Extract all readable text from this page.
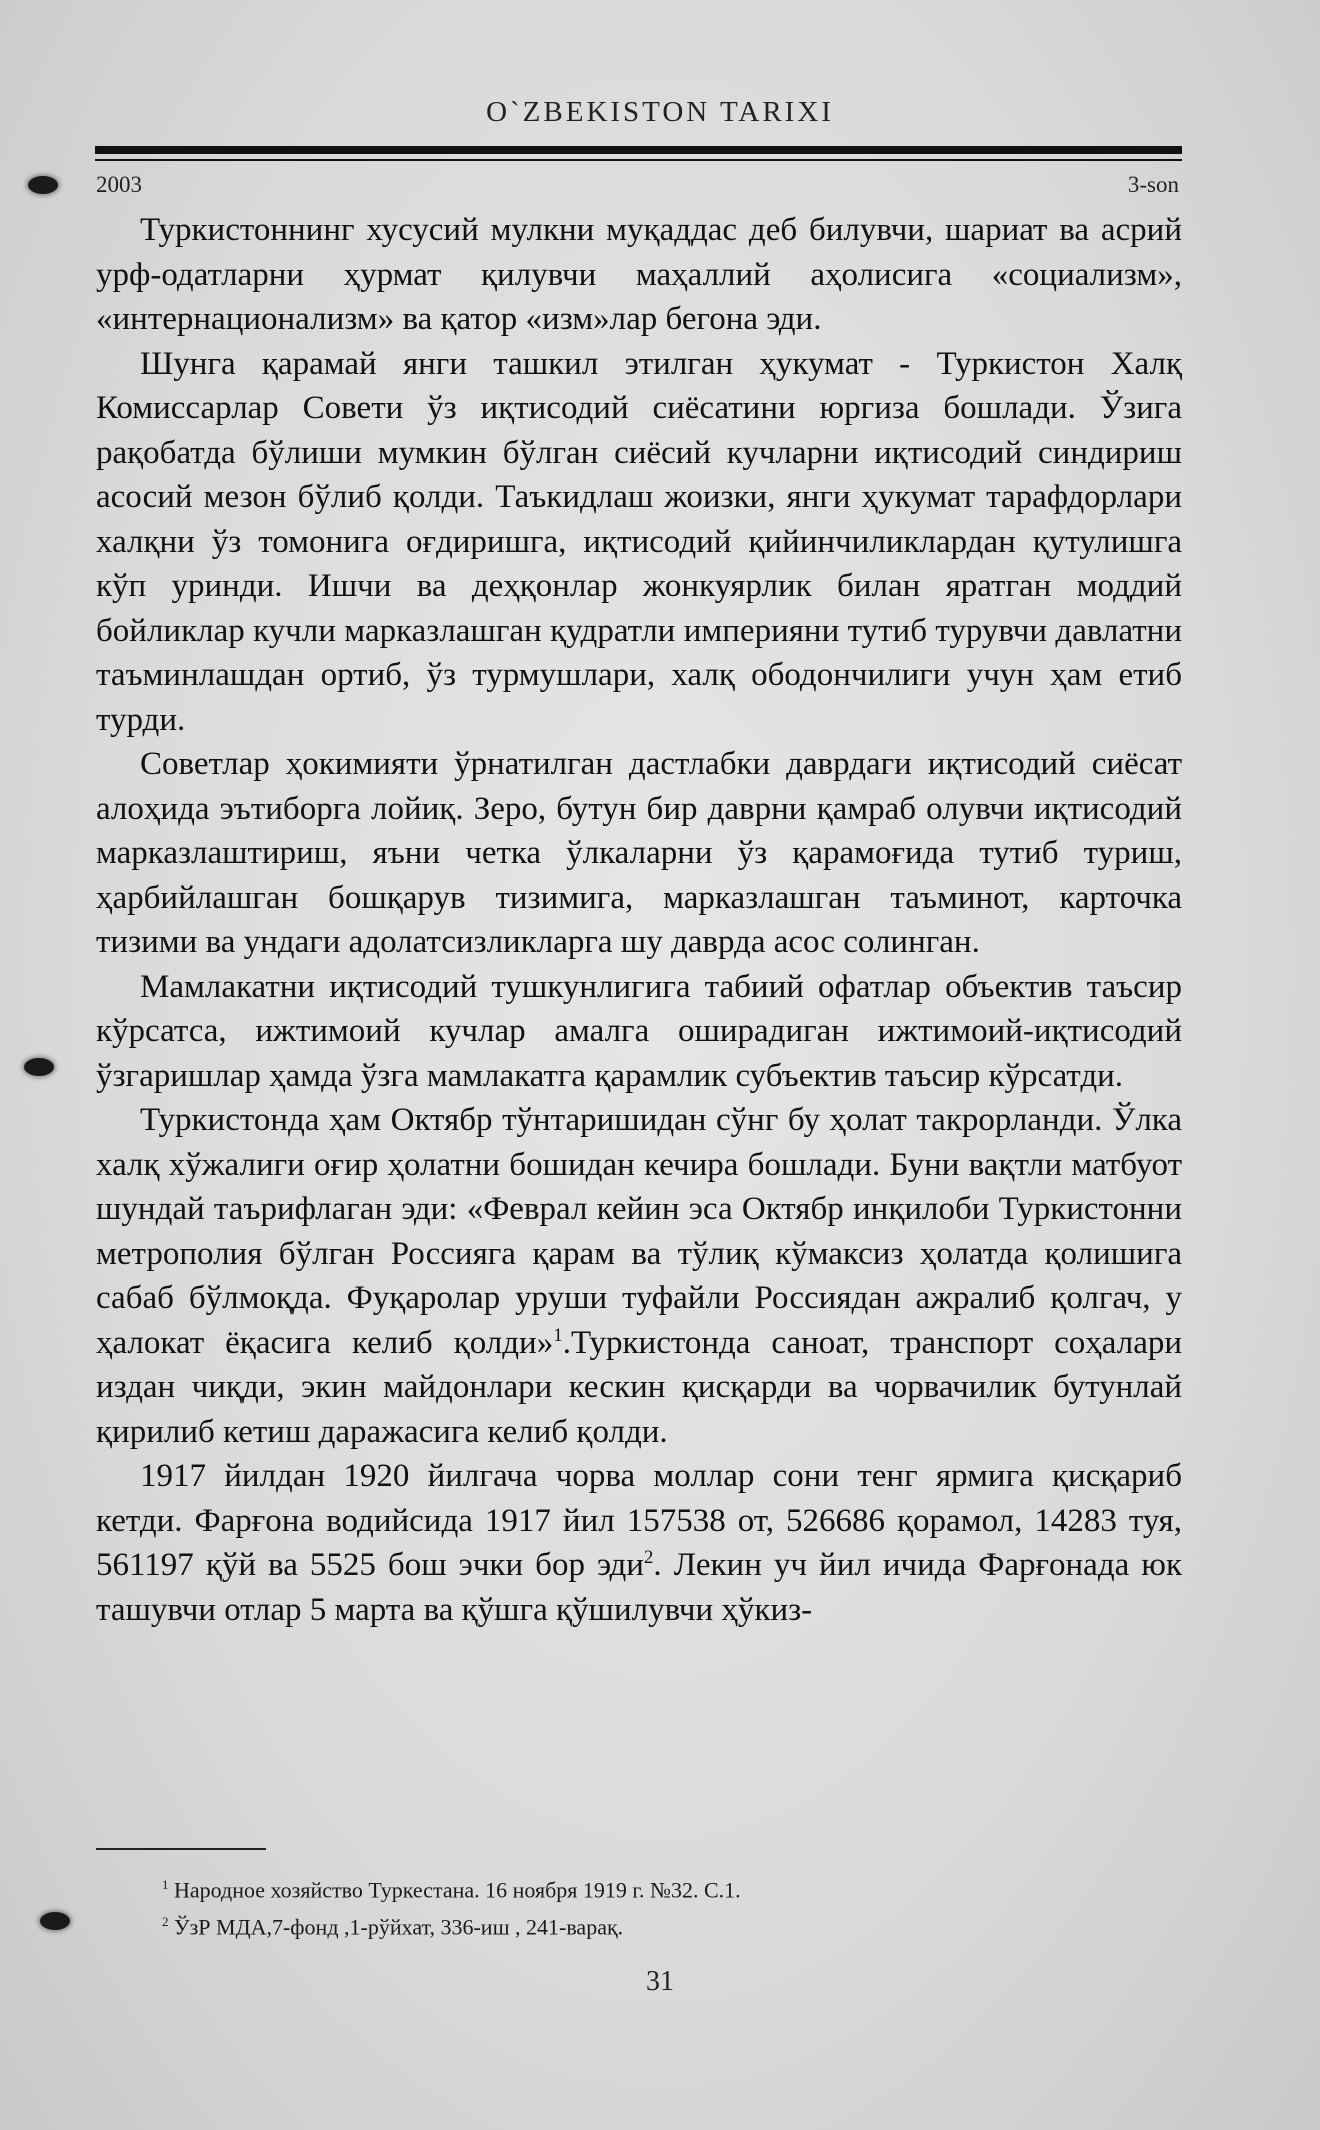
O`ZBEKISTON TARIXI
2003	3-son

Туркистоннинг хусусий мулкни муқаддас деб билувчи, шариат ва асрий урф-одатларни ҳурмат қилувчи маҳаллий аҳолисига «социализм», «интернационализм» ва қатор «изм»лар бегона эди.

Шунга қарамай янги ташкил этилган ҳукумат - Туркистон Халқ Комиссарлар Совети ўз иқтисодий сиёсатини юргиза бошлади. Ўзига рақобатда бўлиши мумкин бўлган сиёсий кучларни иқтисодий синдириш асосий мезон бўлиб қолди. Таъкидлаш жоизки, янги ҳукумат тарафдорлари халқни ўз томонига оғдиришга, иқтисодий қийинчиликлардан қутулишга кўп уринди. Ишчи ва деҳқонлар жонкуярлик билан яратган моддий бойликлар кучли марказлашган қудратли империяни тутиб турувчи давлатни таъминлашдан ортиб, ўз турмушлари, халқ ободончилиги учун ҳам етиб турди.

Советлар ҳокимияти ўрнатилган дастлабки даврдаги иқтисодий сиёсат алоҳида эътиборга лойиқ. Зеро, бутун бир даврни қамраб олувчи иқтисодий марказлаштириш, яъни четка ўлкаларни ўз қарамоғида тутиб туриш, ҳарбийлашган бошқарув тизимига, марказлашган таъминот, карточка тизими ва ундаги адолатсизликларга шу даврда асос солинган.

Мамлакатни иқтисодий тушкунлигига табиий офатлар объектив таъсир кўрсатса, ижтимоий кучлар амалга оширадиган ижтимоий-иқтисодий ўзгаришлар ҳамда ўзга мамлакатга қарамлик субъектив таъсир кўрсатди.

Туркистонда ҳам Октябр тўнтаришидан сўнг бу ҳолат такрорланди. Ўлка халқ хўжалиги оғир ҳолатни бошидан кечира бошлади. Буни вақтли матбуот шундай таърифлаган эди: «Феврал кейин эса Октябр инқилоби Туркистонни метрополия бўлган Россияга қарам ва тўлиқ кўмаксиз ҳолатда қолишига сабаб бўлмоқда. Фуқаролар уруши туфайли Россиядан ажралиб қолгач, у ҳалокат ёқасига келиб қолди»$^1$.Туркистонда саноат, транспорт соҳалари издан чиқди, экин майдонлари кескин қисқарди ва чорвачилик бутунлай қирилиб кетиш даражасига келиб қолди.

1917 йилдан 1920 йилгача чорва моллар сони тенг ярмига қисқариб кетди. Фарғона водийсида 1917 йил 157538 от, 526686 қорамол, 14283 туя, 561197 қўй ва 5525 бош эчки бор эди$^2$. Лекин уч йил ичида Фарғонада юк ташувчи отлар 5 марта ва қўшга қўшилувчи ҳўкиз-

$^1$ Народное хозяйство Туркестана. 16 ноября 1919 г. №32. С.1.

$^2$ ЎзР МДА,7-фонд ,1-рўйхат, 336-иш , 241-варақ.

31
